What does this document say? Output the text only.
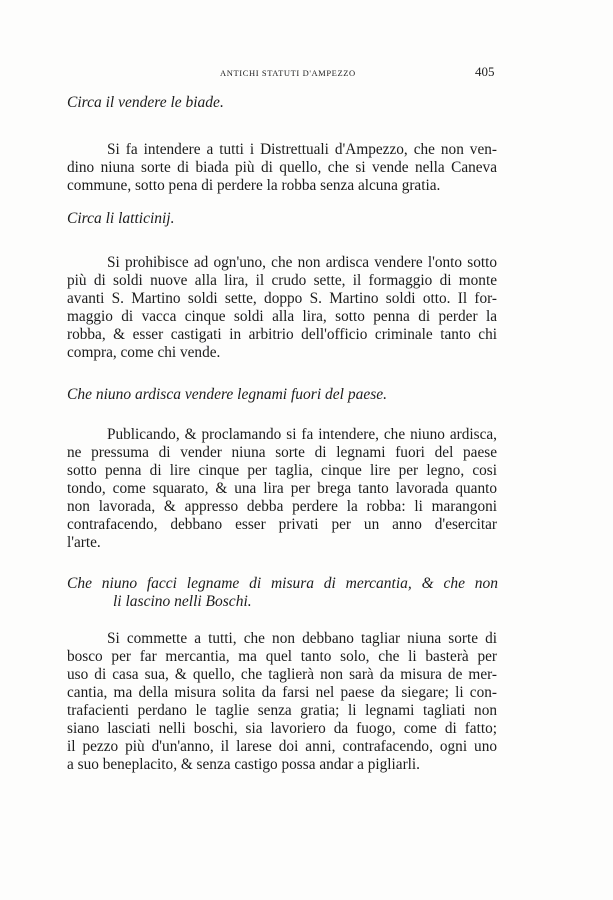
ANTICHI STATUTI D'AMPEZZO	405
Circa il vendere le biade.
Si fa intendere a tutti i Distrettuali d'Ampezzo, che non ven-
dino niuna sorte di biada più di quello, che si vende nella Caneva
commune, sotto pena di perdere la robba senza alcuna gratia.
Circa li latticinij.
Si prohibisce ad ogn'uno, che non ardisca vendere l'onto sotto
più di soldi nuove alla lira, il crudo sette, il formaggio di monte
avanti S. Martino soldi sette, doppo S. Martino soldi otto. Il for-
maggio di vacca cinque soldi alla lira, sotto penna di perder la
robba, & esser castigati in arbitrio dell'officio criminale tanto chi
compra, come chi vende.
Che niuno ardisca vendere legnami fuori del paese.
Publicando, & proclamando si fa intendere, che niuno ardisca,
ne pressuma di vender niuna sorte di legnami fuori del paese
sotto penna di lire cinque per taglia, cinque lire per legno, cosi
tondo, come squarato, & una lira per brega tanto lavorada quanto
non lavorada, & appresso debba perdere la robba: li marangoni
contrafacendo, debbano esser privati per un anno d'esercitar
l'arte.
Che niuno facci legname di misura di mercantia, & che non
li lascino nelli Boschi.
Si commette a tutti, che non debbano tagliar niuna sorte di
bosco per far mercantia, ma quel tanto solo, che li basterà per
uso di casa sua, & quello, che taglierà non sarà da misura de mer-
cantia, ma della misura solita da farsi nel paese da siegare; li con-
trafacienti perdano le taglie senza gratia; li legnami tagliati non
siano lasciati nelli boschi, sia lavoriero da fuogo, come di fatto;
il pezzo più d'un'anno, il larese doi anni, contrafacendo, ogni uno
a suo beneplacito, & senza castigo possa andar a pigliarli.
